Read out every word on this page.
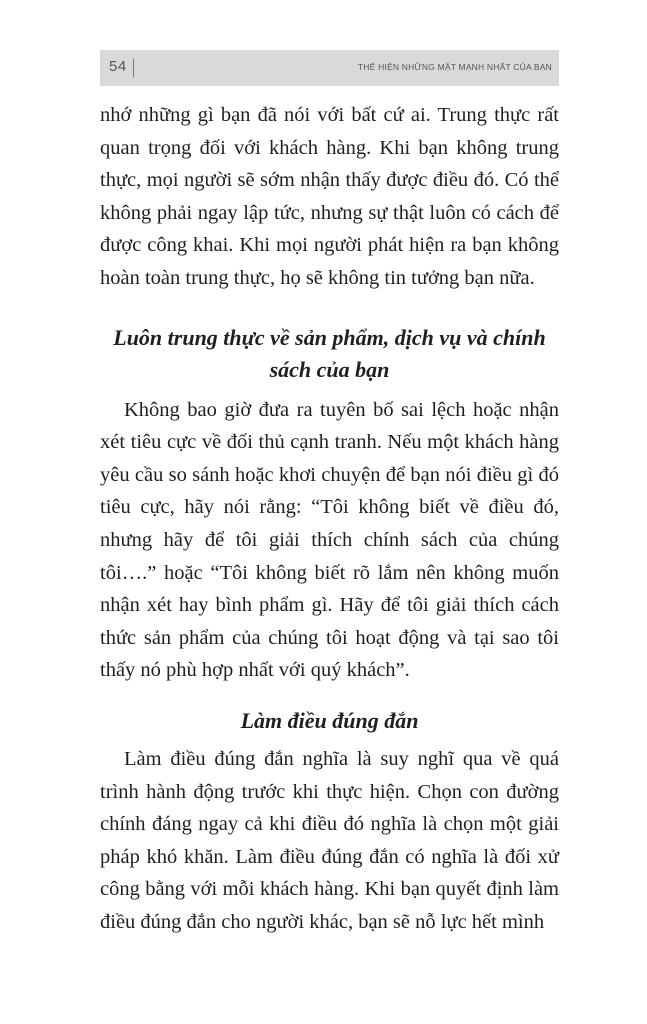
54	THỂ HIỆN NHỮNG MẶT MẠNH NHẤT CỦA BẠN

nhớ những gì bạn đã nói với bất cứ ai. Trung thực rất quan trọng đối với khách hàng. Khi bạn không trung thực, mọi người sẽ sớm nhận thấy được điều đó. Có thể không phải ngay lập tức, nhưng sự thật luôn có cách để được công khai. Khi mọi người phát hiện ra bạn không hoàn toàn trung thực, họ sẽ không tin tưởng bạn nữa.

Luôn trung thực về sản phẩm, dịch vụ và chính
sách của bạn

Không bao giờ đưa ra tuyên bố sai lệch hoặc nhận xét tiêu cực về đối thủ cạnh tranh. Nếu một khách hàng yêu cầu so sánh hoặc khơi chuyện để bạn nói điều gì đó tiêu cực, hãy nói rằng: “Tôi không biết về điều đó, nhưng hãy để tôi giải thích chính sách của chúng tôi….” hoặc “Tôi không biết rõ lắm nên không muốn nhận xét hay bình phẩm gì. Hãy để tôi giải thích cách thức sản phẩm của chúng tôi hoạt động và tại sao tôi thấy nó phù hợp nhất với quý khách”.

Làm điều đúng đắn

Làm điều đúng đắn nghĩa là suy nghĩ qua về quá trình hành động trước khi thực hiện. Chọn con đường chính đáng ngay cả khi điều đó nghĩa là chọn một giải pháp khó khăn. Làm điều đúng đắn có nghĩa là đối xử công bằng với mỗi khách hàng. Khi bạn quyết định làm điều đúng đắn cho người khác, bạn sẽ nỗ lực hết mình
